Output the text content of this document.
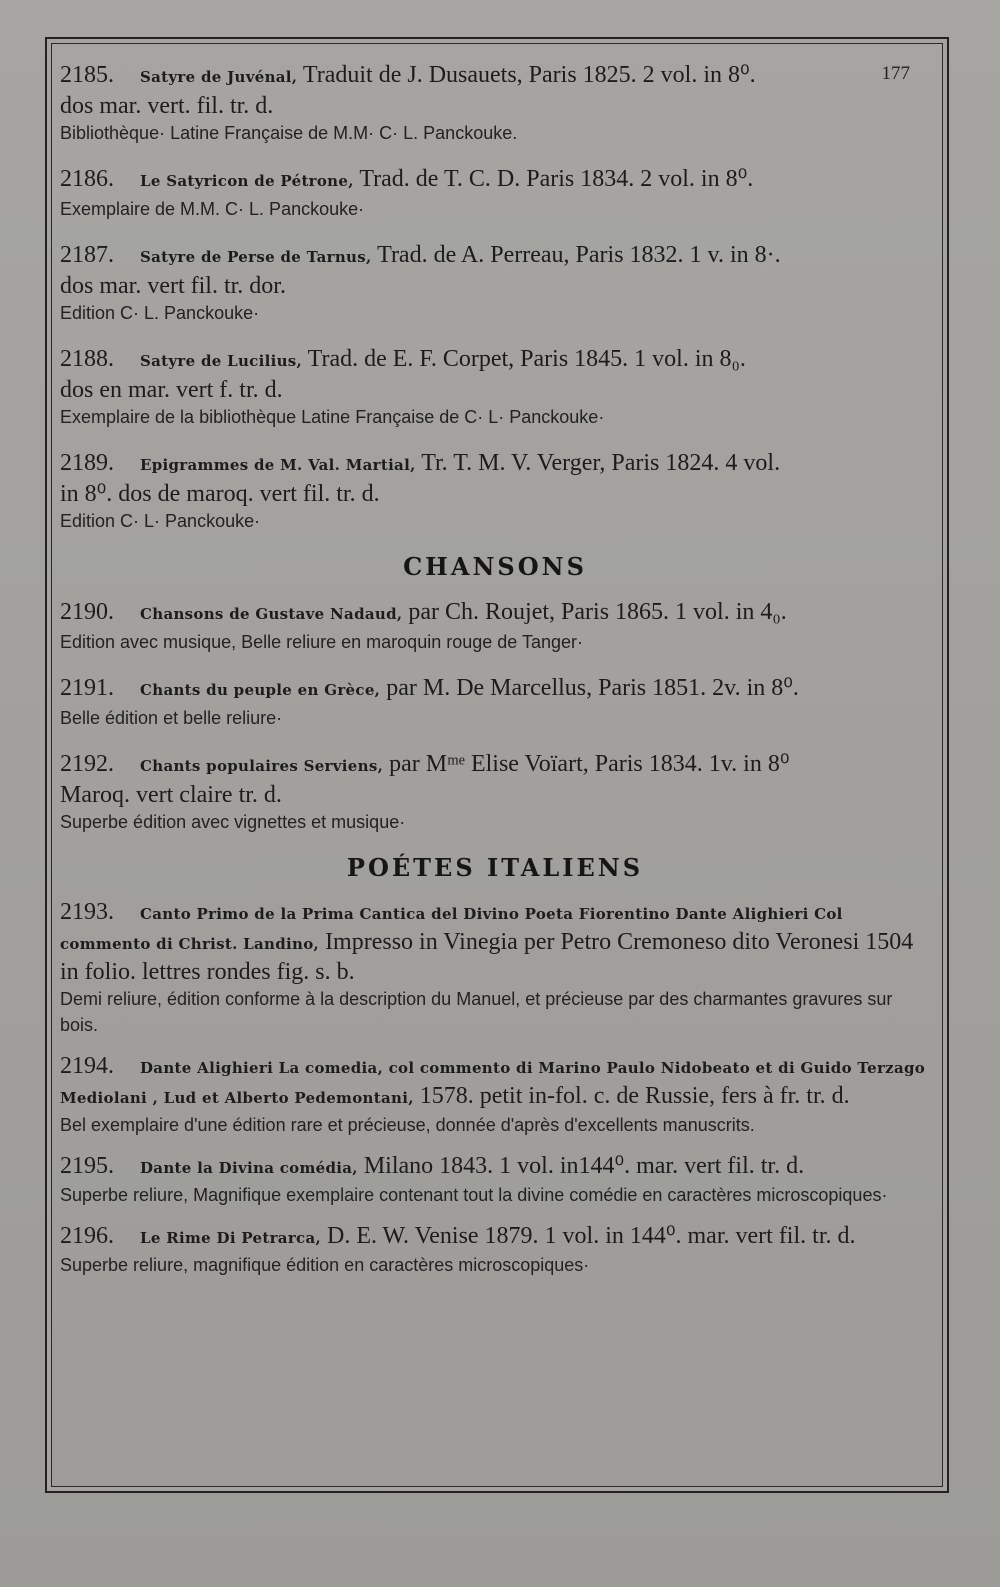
177
2185. Satyre de Juvénal, Traduit de J. Dusauets, Paris 1825. 2 vol. in 8⁰.
dos mar. vert. fil. tr. d.
Bibliothèque· Latine Française de M.M· C· L. Panckouke.
2186. Le Satyricon de Pétrone, Trad. de T. C. D. Paris 1834. 2 vol. in 8⁰.
Exemplaire de M.M. C· L. Panckouke·
2187. Satyre de Perse de Tarnus, Trad. de A. Perreau, Paris 1832. 1 v. in 8·.
dos mar. vert fil. tr. dor.
Edition C· L. Panckouke·
2188. Satyre de Lucilius, Trad. de E. F. Corpet, Paris 1845. 1 vol. in 8₀.
dos en mar. vert f. tr. d.
Exemplaire de la bibliothèque Latine Française de C· L· Panckouke·
2189. Epigrammes de M. Val. Martial, Tr. T. M. V. Verger, Paris 1824. 4 vol.
in 8⁰. dos de maroq. vert fil. tr. d.
Edition C· L· Panckouke·
CHANSONS
2190. Chansons de Gustave Nadaud, par Ch. Roujet, Paris 1865. 1 vol. in 4₀.
Edition avec musique, Belle reliure en maroquin rouge de Tanger·
2191. Chants du peuple en Grèce, par M. De Marcellus, Paris 1851. 2v. in 8⁰.
Belle édition et belle reliure·
2192. Chants populaires Serviens, par Mᵐᵉ Elise Voïart, Paris 1834. 1v. in 8⁰
Maroq. vert claire tr. d.
Superbe édition avec vignettes et musique·
POÉTES ITALIENS
2193. Canto Primo de la Prima Cantica del Divino Poeta Fiorentino Dante Alighieri Col commento di Christ. Landino, Impresso in Vinegia per Petro Cremoneso dito Veronesi 1504 in folio. lettres rondes fig. s. b.
Demi reliure, édition conforme à la description du Manuel, et précieuse par des charmantes gravures sur bois.
2194. Dante Alighieri La comedia, col commento di Marino Paulo Nidobeato et di Guido Terzago Mediolani , Lud et Alberto Pedemontani, 1578. petit in-fol. c. de Russie, fers à fr. tr. d.
Bel exemplaire d'une édition rare et précieuse, donnée d'après d'excellents manuscrits.
2195. Dante la Divina comédia, Milano 1843. 1 vol. in144⁰. mar. vert fil. tr. d.
Superbe reliure, Magnifique exemplaire contenant tout la divine comédie en caractères microscopiques·
2196. Le Rime Di Petrarca, D. E. W. Venise 1879. 1 vol. in 144⁰. mar. vert fil. tr. d.
Superbe reliure, magnifique édition en caractères microscopiques·
